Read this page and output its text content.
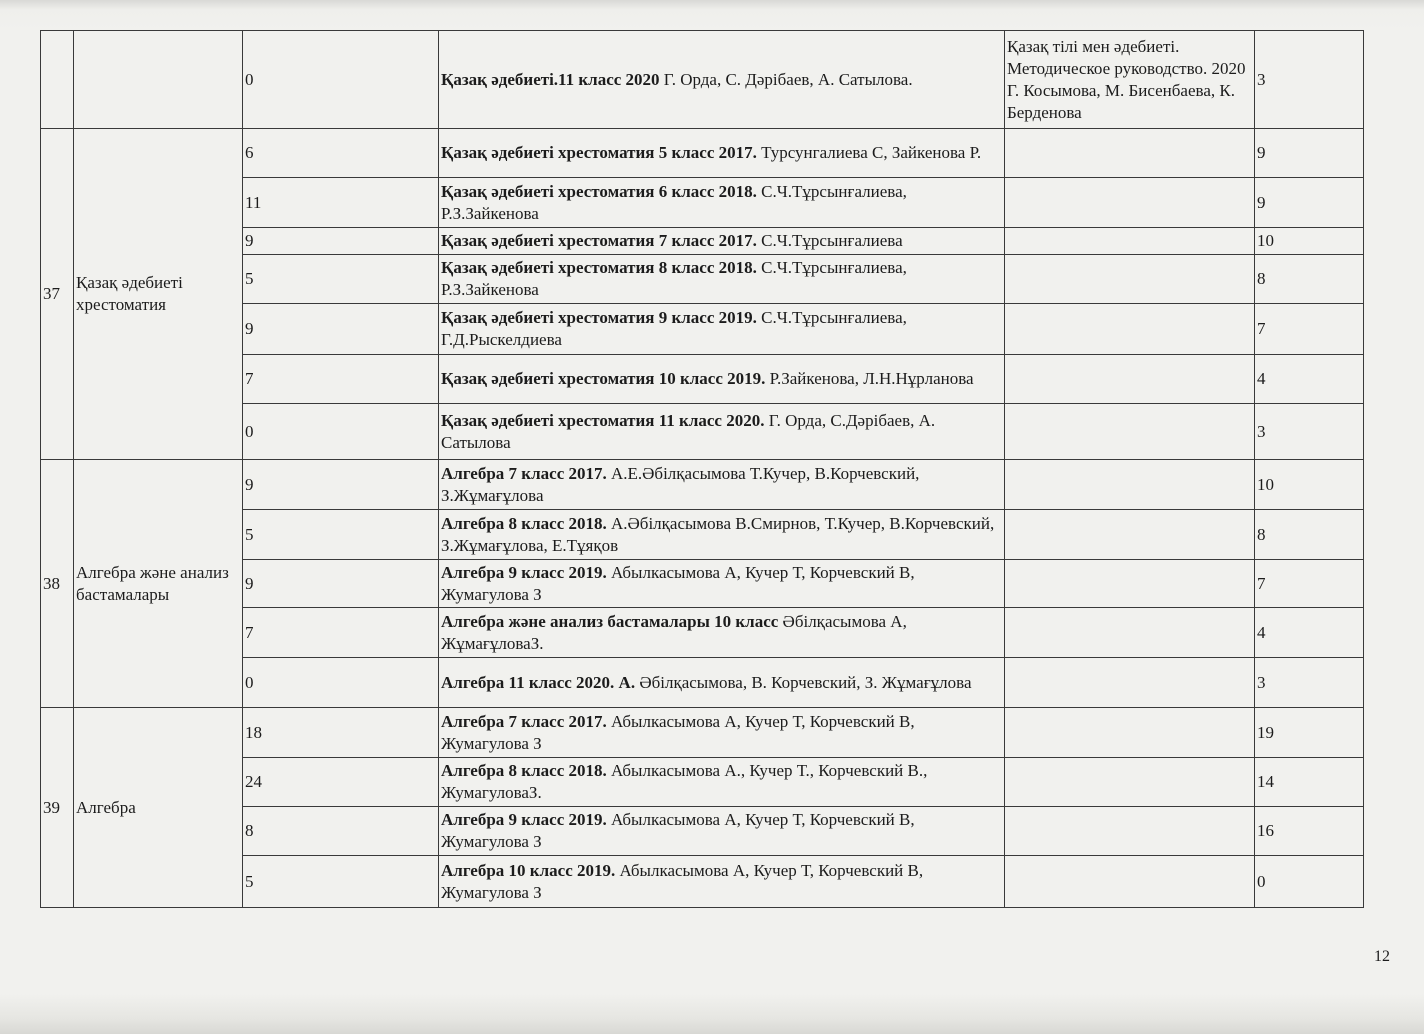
		0	Қазақ әдебиеті.11 класс 2020 Г. Орда, С. Дәрібаев, А. Сатылова.	Қазақ тілі мен әдебиеті. Методическое руководство. 2020 Г. Косымова, М. Бисенбаева, К. Берденова	3
37	Қазақ әдебиеті хрестоматия	6	Қазақ әдебиеті хрестоматия 5 класс 2017. Турсунгалиева С, Зайкенова Р.		9
		11	Қазақ әдебиеті хрестоматия 6 класс 2018. С.Ч.Тұрсынғалиева, Р.З.Зайкенова		9
		9	Қазақ әдебиеті хрестоматия 7 класс 2017. С.Ч.Тұрсынғалиева		10
		5	Қазақ әдебиеті хрестоматия 8 класс 2018. С.Ч.Тұрсынғалиева, Р.З.Зайкенова		8
		9	Қазақ әдебиеті хрестоматия 9 класс 2019. С.Ч.Тұрсынғалиева, Г.Д.Рыскелдиева		7
		7	Қазақ әдебиеті хрестоматия 10 класс 2019. Р.Зайкенова, Л.Н.Нұрланова		4
		0	Қазақ әдебиеті хрестоматия 11 класс 2020. Г. Орда, С.Дәрібаев, А. Сатылова		3
38	Алгебра және анализ бастамалары	9	Алгебра 7 класс 2017. А.Е.Әбілқасымова Т.Кучер, В.Корчевский, З.Жұмағұлова		10
		5	Алгебра 8 класс 2018. А.Әбілқасымова В.Смирнов, Т.Кучер, В.Корчевский, З.Жұмағұлова, Е.Тұяқов		8
		9	Алгебра 9 класс 2019. Абылкасымова А, Кучер Т, Корчевский В, Жумагулова З		7
		7	Алгебра және анализ бастамалары 10 класс Әбілқасымова А, ЖұмағұловаЗ.		4
		0	Алгебра 11 класс 2020. А. Әбілқасымова, В. Корчевский, З. Жұмағұлова		3
39	Алгебра	18	Алгебра 7 класс 2017. Абылкасымова А, Кучер Т, Корчевский В, Жумагулова З		19
		24	Алгебра 8 класс 2018. Абылкасымова А., Кучер Т., Корчевский В., ЖумагуловаЗ.		14
		8	Алгебра 9 класс 2019. Абылкасымова А, Кучер Т, Корчевский В, Жумагулова З		16
		5	Алгебра 10 класс 2019. Абылкасымова А, Кучер Т, Корчевский В, Жумагулова З		0
12
